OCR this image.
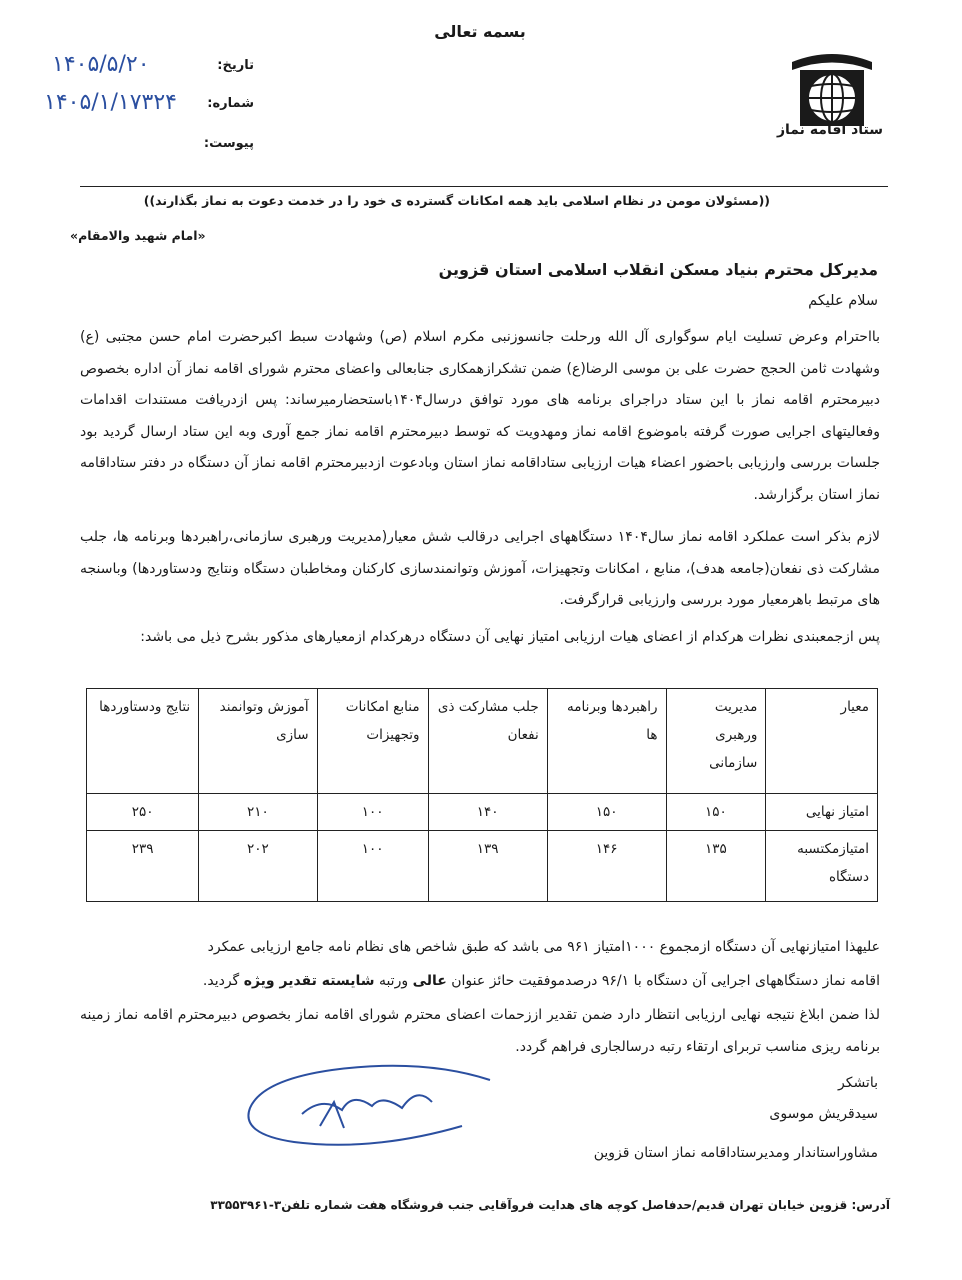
بسمه تعالی
ستاد اقامه نماز
تاریخ:
۱۴۰۵/۵/۲۰
شماره:
۱۴۰۵/۱/۱۷۳۲۴
پیوست:
((مسئولان مومن در نظام اسلامی باید همه امکانات گسترده ی خود را در خدمت دعوت به نماز بگذارند))
«امام شهید والامقام»
مدیرکل محترم بنیاد مسکن انقلاب اسلامی استان قزوین
سلام علیکم
بااحترام وعرض تسلیت ایام سوگواری آل الله ورحلت جانسوزنبی مکرم اسلام (ص) وشهادت سبط اکبرحضرت امام حسن مجتبی (ع) وشهادت ثامن الحجج حضرت علی بن موسی الرضا(ع) ضمن تشکرازهمکاری جنابعالی واعضای محترم شورای اقامه نماز آن اداره بخصوص دبیرمحترم اقامه نماز با این ستاد دراجرای برنامه های مورد توافق درسال۱۴۰۴باستحضارمیرساند: پس ازدریافت مستندات اقدامات وفعالیتهای اجرایی صورت گرفته باموضوع اقامه نماز ومهدویت که توسط دبیرمحترم اقامه نماز جمع آوری وبه این ستاد ارسال گردید بود جلسات بررسی وارزیابی باحضور اعضاء هیات ارزیابی ستاداقامه نماز استان وبادعوت ازدبیرمحترم اقامه نماز آن دستگاه در دفتر ستاداقامه نماز استان برگزارشد.
لازم بذکر است عملکرد اقامه نماز سال۱۴۰۴ دستگاههای اجرایی درقالب شش معیار(مدیریت ورهبری سازمانی،راهبردها وبرنامه ها، جلب مشارکت ذی نفعان(جامعه هدف)، منابع ، امکانات وتجهیزات، آموزش وتوانمندسازی کارکنان ومخاطبان دستگاه ونتایج ودستاوردها) وباسنجه های مرتبط باهرمعیار مورد بررسی وارزیابی قرارگرفت.
پس ازجمعبندی نظرات هرکدام از اعضای هیات ارزیابی امتیاز نهایی آن دستگاه درهرکدام ازمعیارهای مذکور بشرح ذیل می باشد:
معیار	مدیریت ورهبری سازمانی	راهبردها وبرنامه ها	جلب مشارکت ذی نفعان	منابع امکانات وتجهیزات	آموزش وتوانمند سازی	نتایج ودستاوردها
امتیاز نهایی	۱۵۰	۱۵۰	۱۴۰	۱۰۰	۲۱۰	۲۵۰
امتیازمکتسبه دستگاه	۱۳۵	۱۴۶	۱۳۹	۱۰۰	۲۰۲	۲۳۹
علیهذا امتیازنهایی آن دستگاه ازمجموع ۱۰۰۰امتیاز ۹۶۱ می باشد که طبق شاخص های نظام نامه جامع ارزیابی عمکرد
اقامه نماز دستگاههای اجرایی آن دستگاه با ۹۶/۱ درصدموفقیت حائز عنوان عالی ورتبه شایسته تقدیر ویژه گردید.
لذا ضمن ابلاغ نتیجه نهایی ارزیابی انتظار دارد ضمن تقدیر اززحمات اعضای محترم شورای اقامه نماز بخصوص دبیرمحترم اقامه نماز زمینه برنامه ریزی مناسب تربرای ارتقاء رتبه درسالجاری فراهم گردد.
باتشکر
سیدقریش موسوی
مشاوراستاندار ومدیرستاداقامه نماز استان قزوین
آدرس: قزوین خیابان تهران قدیم/حدفاصل کوچه های هدایت فروآقایی جنب فروشگاه هفت شماره تلفن۳-۳۳۵۵۳۹۶۱
